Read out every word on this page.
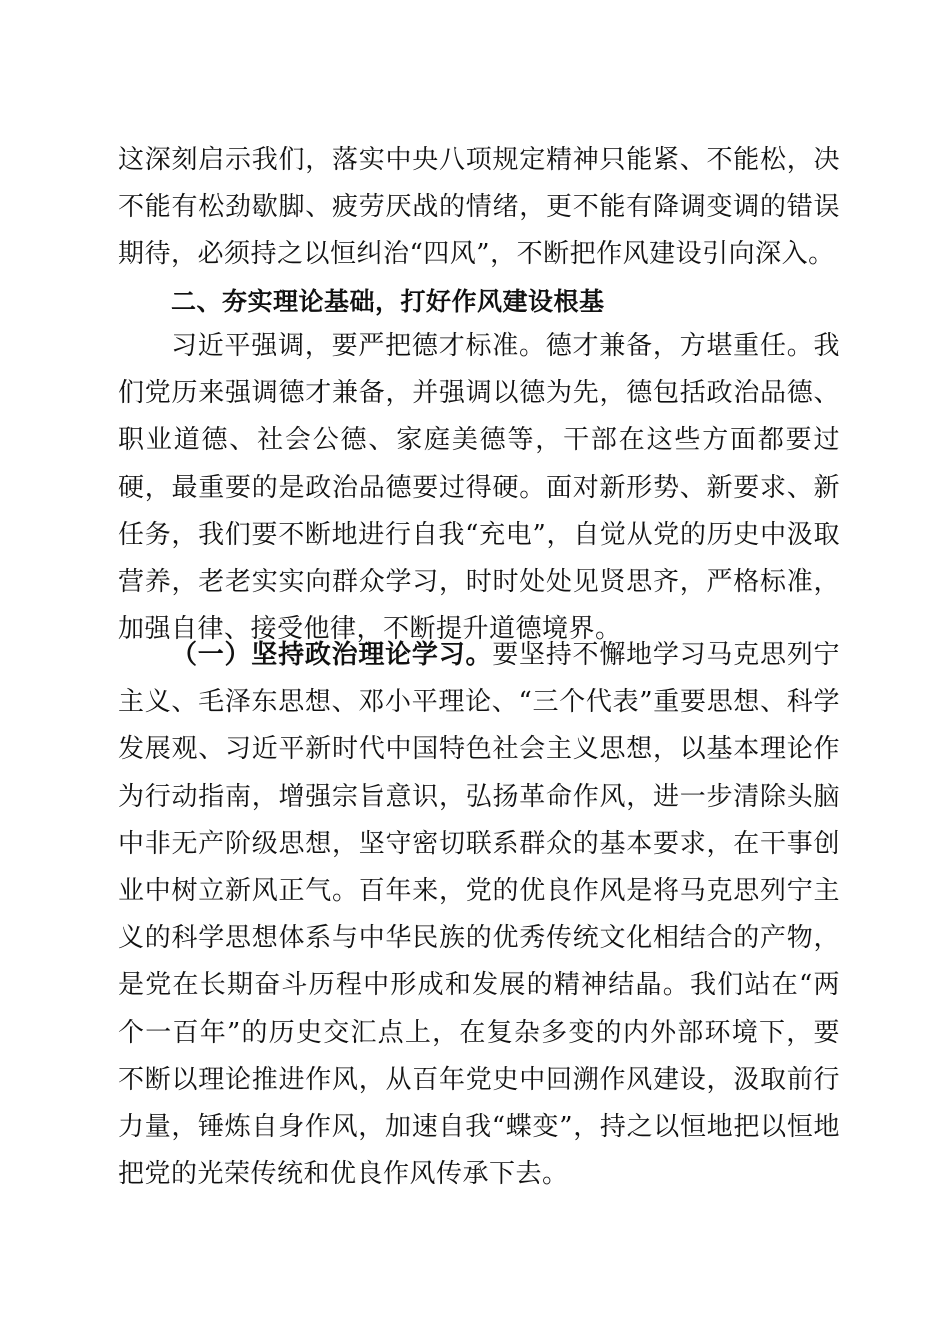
这深刻启示我们，落实中央八项规定精神只能紧、不能松，决不能有松劲歇脚、疲劳厌战的情绪，更不能有降调变调的错误期待，必须持之以恒纠治“四风”，不断把作风建设引向深入。

二、夯实理论基础，打好作风建设根基

习近平强调，要严把德才标准。德才兼备，方堪重任。我们党历来强调德才兼备，并强调以德为先，德包括政治品德、职业道德、社会公德、家庭美德等，干部在这些方面都要过硬，最重要的是政治品德要过得硬。面对新形势、新要求、新任务，我们要不断地进行自我“充电”，自觉从党的历史中汲取营养，老老实实向群众学习，时时处处见贤思齐，严格标准，加强自律、接受他律，不断提升道德境界。

（一）坚持政治理论学习。要坚持不懈地学习马克思列宁主义、毛泽东思想、邓小平理论、“三个代表”重要思想、科学发展观、习近平新时代中国特色社会主义思想，以基本理论作为行动指南，增强宗旨意识，弘扬革命作风，进一步清除头脑中非无产阶级思想，坚守密切联系群众的基本要求，在干事创业中树立新风正气。百年来，党的优良作风是将马克思列宁主义的科学思想体系与中华民族的优秀传统文化相结合的产物，是党在长期奋斗历程中形成和发展的精神结晶。我们站在“两个一百年”的历史交汇点上，在复杂多变的内外部环境下，要不断以理论推进作风，从百年党史中回溯作风建设，汲取前行力量，锤炼自身作风，加速自我“蝶变”，持之以恒地把以恒地把党的光荣传统和优良作风传承下去。
